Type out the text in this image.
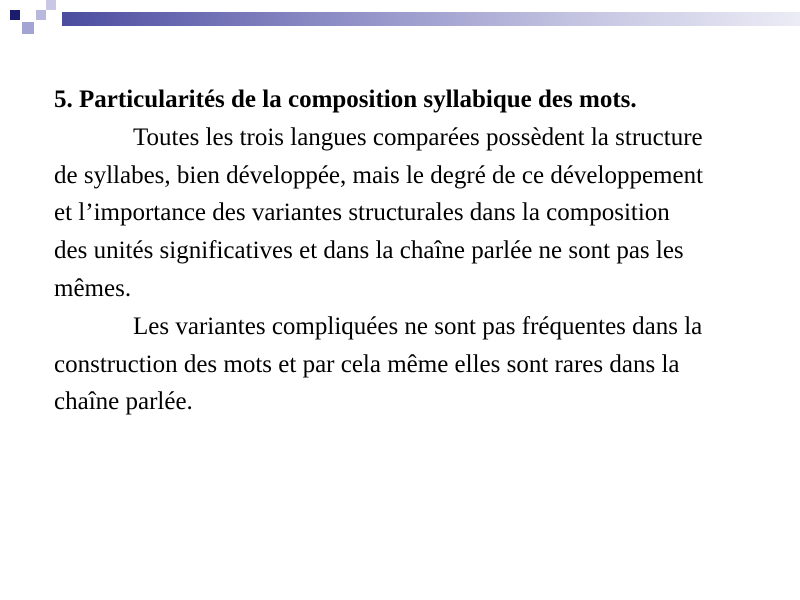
5. Particularités de la composition syllabique des mots.

Toutes les trois langues comparées possèdent la structure de syllabes, bien développée, mais le degré de ce développement et l’importance des variantes structurales dans la composition des unités significatives et dans la chaîne parlée ne sont pas les mêmes.

Les variantes compliquées ne sont pas fréquentes dans la construction des mots et par cela même elles sont rares dans la chaîne parlée.
